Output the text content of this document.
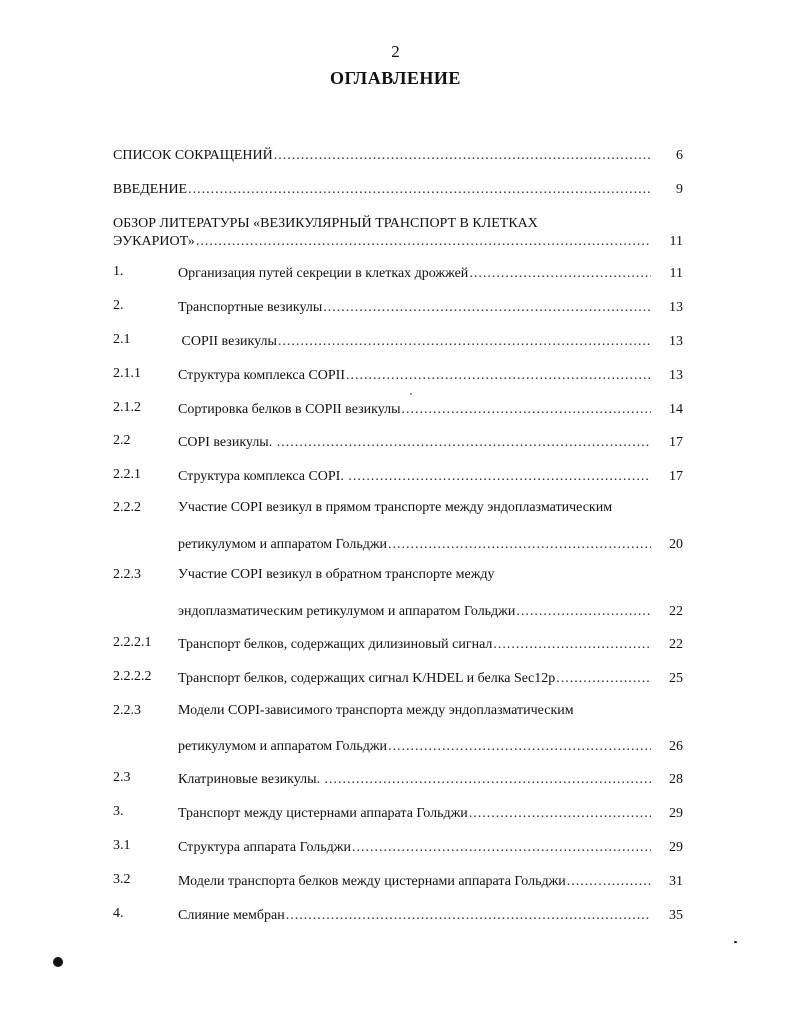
2
ОГЛАВЛЕНИЕ
СПИСОК СОКРАЩЕНИЙ .....	6
ВВЕДЕНИЕ .....	9
ОБЗОР ЛИТЕРАТУРЫ «ВЕЗИКУЛЯРНЫЙ ТРАНСПОРТ В КЛЕТКАХ
ЭУКАРИОТ» .....	11
1.	Организация путей секреции в клетках дрожжей .....	11
2.	Транспортные везикулы .....	13
2.1	COPII везикулы .....	13
2.1.1	Структура комплекса COPII .....	13
2.1.2	Сортировка белков в COPII везикулы .....	14
2.2	COPI везикулы. .....	17
2.2.1	Структура комплекса COPI. .....	17
2.2.2	Участие COPI везикул в прямом транспорте между эндоплазматическим
ретикулумом и аппаратом Гольджи .....	20
2.2.3	Участие COPI везикул в обратном транспорте между
эндоплазматическим ретикулумом и аппаратом Гольджи .....	22
2.2.2.1 Транспорт белков, содержащих дилизиновый сигнал .....	22
2.2.2.2 Транспорт белков, содержащих сигнал K/HDEL и белка Sec12p .....	25
2.2.3	Модели COPI-зависимого транспорта между эндоплазматическим
ретикулумом и аппаратом Гольджи .....	26
2.3	Клатриновые везикулы. .....	28
3.	Транспорт между цистернами аппарата Гольджи .....	29
3.1	Структура аппарата Гольджи .....	29
3.2	Модели транспорта белков между цистернами аппарата Гольджи .....	31
4.	Слияние мембран .....	35
